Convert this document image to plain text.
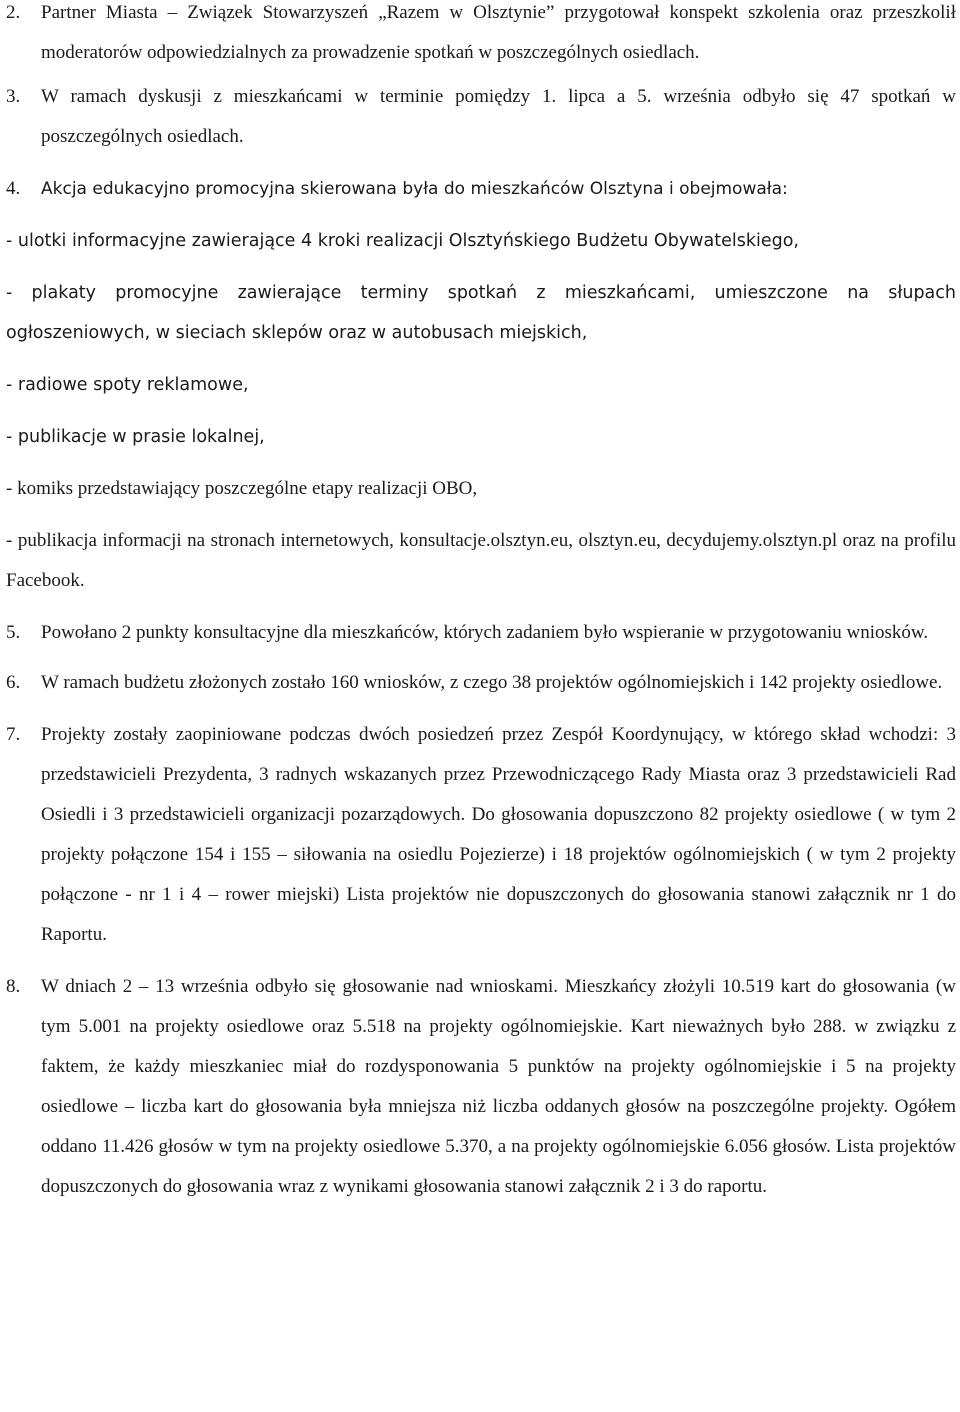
2.	Partner Miasta – Związek Stowarzyszeń „Razem w Olsztynie” przygotował konspekt szkolenia oraz przeszkolił moderatorów odpowiedzialnych za prowadzenie spotkań w poszczególnych osiedlach.
3.	W ramach dyskusji z mieszkańcami w terminie pomiędzy 1. lipca a 5. września odbyło się 47 spotkań w poszczególnych osiedlach.
4.	Akcja edukacyjno promocyjna skierowana była do mieszkańców Olsztyna i obejmowała:
- ulotki informacyjne zawierające 4 kroki realizacji Olsztyńskiego Budżetu Obywatelskiego,
- plakaty promocyjne zawierające terminy spotkań z mieszkańcami, umieszczone na słupach ogłoszeniowych, w sieciach sklepów oraz w autobusach miejskich,
- radiowe spoty reklamowe,
- publikacje w prasie lokalnej,
- komiks przedstawiający poszczególne etapy realizacji OBO,
- publikacja informacji na stronach internetowych, konsultacje.olsztyn.eu, olsztyn.eu, decydujemy.olsztyn.pl oraz na profilu Facebook.
5.	Powołano 2 punkty konsultacyjne dla mieszkańców, których zadaniem było wspieranie w przygotowaniu wniosków.
6.	W ramach budżetu złożonych zostało 160 wniosków, z czego 38 projektów ogólnomiejskich i 142 projekty osiedlowe.
7.	Projekty zostały zaopiniowane podczas dwóch posiedzeń przez Zespół Koordynujący, w którego skład wchodzi: 3 przedstawicieli Prezydenta, 3 radnych wskazanych przez Przewodniczącego Rady Miasta oraz 3 przedstawicieli Rad Osiedli i 3 przedstawicieli organizacji pozarządowych. Do głosowania dopuszczono 82 projekty osiedlowe ( w tym 2 projekty połączone 154 i 155 – siłowania na osiedlu Pojezierze) i 18 projektów ogólnomiejskich ( w tym 2 projekty połączone - nr 1 i 4 – rower miejski) Lista projektów nie dopuszczonych do głosowania stanowi załącznik nr 1 do Raportu.
8.	W dniach 2 – 13 września odbyło się głosowanie nad wnioskami. Mieszkańcy złożyli 10.519 kart do głosowania (w tym 5.001 na projekty osiedlowe oraz 5.518 na projekty ogólnomiejskie. Kart nieważnych było 288. w związku z faktem, że każdy mieszkaniec miał do rozdysponowania 5 punktów na projekty ogólnomiejskie i 5 na projekty osiedlowe – liczba kart do głosowania była mniejsza niż liczba oddanych głosów na poszczególne projekty. Ogółem oddano 11.426 głosów w tym na projekty osiedlowe 5.370, a na projekty ogólnomiejskie 6.056 głosów. Lista projektów dopuszczonych do głosowania wraz z wynikami głosowania stanowi załącznik 2 i 3 do raportu.
